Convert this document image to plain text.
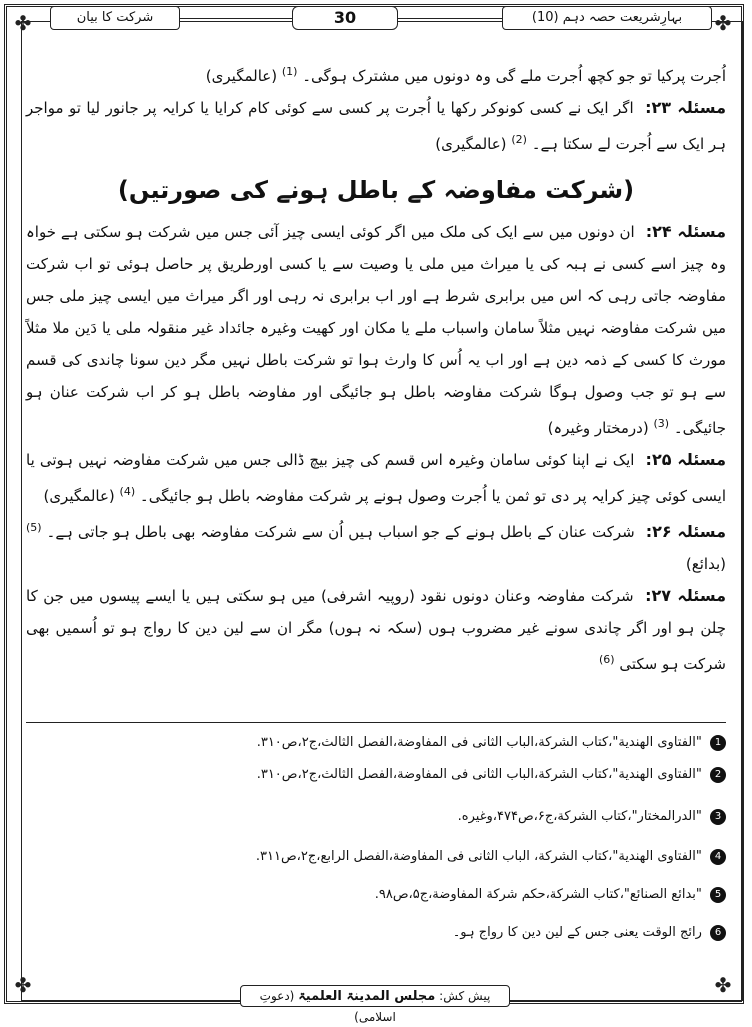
✤	✤
✤	✤
بہارِشریعت حصہ دہم (10)
30
شرکت کا بیان

اُجرت پرکیا تو جو کچھ اُجرت ملے گی وہ دونوں میں مشترک ہوگی۔ $^{(1)}$ (عالمگیری)

مسئلہ ۲۳: اگر ایک نے کسی کونوکر رکھا یا اُجرت پر کسی سے کوئی کام کرایا یا کرایہ پر جانور لیا تو مواجر ہر ایک سے اُجرت لے سکتا ہے۔ $^{(2)}$ (عالمگیری)

(شرکت مفاوضہ کے باطل ہونے کی صورتیں)

مسئلہ ۲۴: ان دونوں میں سے ایک کی ملک میں اگر کوئی ایسی چیز آئی جس میں شرکت ہو سکتی ہے خواہ وہ چیز اسے کسی نے ہبہ کی یا میراث میں ملی یا وصیت سے یا کسی اورطریق پر حاصل ہوئی تو اب شرکت مفاوضہ جاتی رہی کہ اس میں برابری شرط ہے اور اب برابری نہ رہی اور اگر میراث میں ایسی چیز ملی جس میں شرکت مفاوضہ نہیں مثلاً سامان واسباب ملے یا مکان اور کھیت وغیرہ جائداد غیر منقولہ ملی یا دَین ملا مثلاً مورث کا کسی کے ذمہ دین ہے اور اب یہ اُس کا وارث ہوا تو شرکت باطل نہیں مگر دین سونا چاندی کی قسم سے ہو تو جب وصول ہوگا شرکت مفاوضہ باطل ہو جائیگی اور مفاوضہ باطل ہو کر اب شرکت عنان ہو جائیگی۔ $^{(3)}$ (درمختار وغیرہ)

مسئلہ ۲۵: ایک نے اپنا کوئی سامان وغیرہ اس قسم کی چیز بیچ ڈالی جس میں شرکت مفاوضہ نہیں ہوتی یا ایسی کوئی چیز کرایہ پر دی تو ثمن یا اُجرت وصول ہونے پر شرکت مفاوضہ باطل ہو جائیگی۔ $^{(4)}$ (عالمگیری)

مسئلہ ۲۶: شرکت عنان کے باطل ہونے کے جو اسباب ہیں اُن سے شرکت مفاوضہ بھی باطل ہو جاتی ہے۔ $^{(5)}$ (بدائع)

مسئلہ ۲۷: شرکت مفاوضہ وعنان دونوں نقود (روپیہ اشرفی) میں ہو سکتی ہیں یا ایسے پیسوں میں جن کا چلن ہو اور اگر چاندی سونے غیر مضروب ہوں (سکہ نہ ہوں) مگر ان سے لین دین کا رواج ہو تو اُسمیں بھی شرکت ہو سکتی $^{(6)}$

1 "الفتاوی الهندية"،کتاب الشركة،الباب الثانی فی المفاوضة،الفصل الثالث،ج۲،ص۳۱۰.
2 "الفتاوی الهندية"،کتاب الشركة،الباب الثانی فی المفاوضة،الفصل الثالث،ج۲،ص۳۱۰.
3 "الدرالمختار"،کتاب الشركة،ج۶،ص۴۷۴،وغيره.
4 "الفتاوی الهندية"،کتاب الشركة، الباب الثانی فی المفاوضة،الفصل الرابع،ج۲،ص۳۱۱.
5 "بدائع الصنائع"،کتاب الشركة،حکم شركة المفاوضة،ج۵،ص۹۸.
6 رائج الوقت یعنی جس کے لین دین کا رواج ہو۔
پیش کش: مجلس المدینۃ العلمیۃ (دعوتِ اسلامی)
